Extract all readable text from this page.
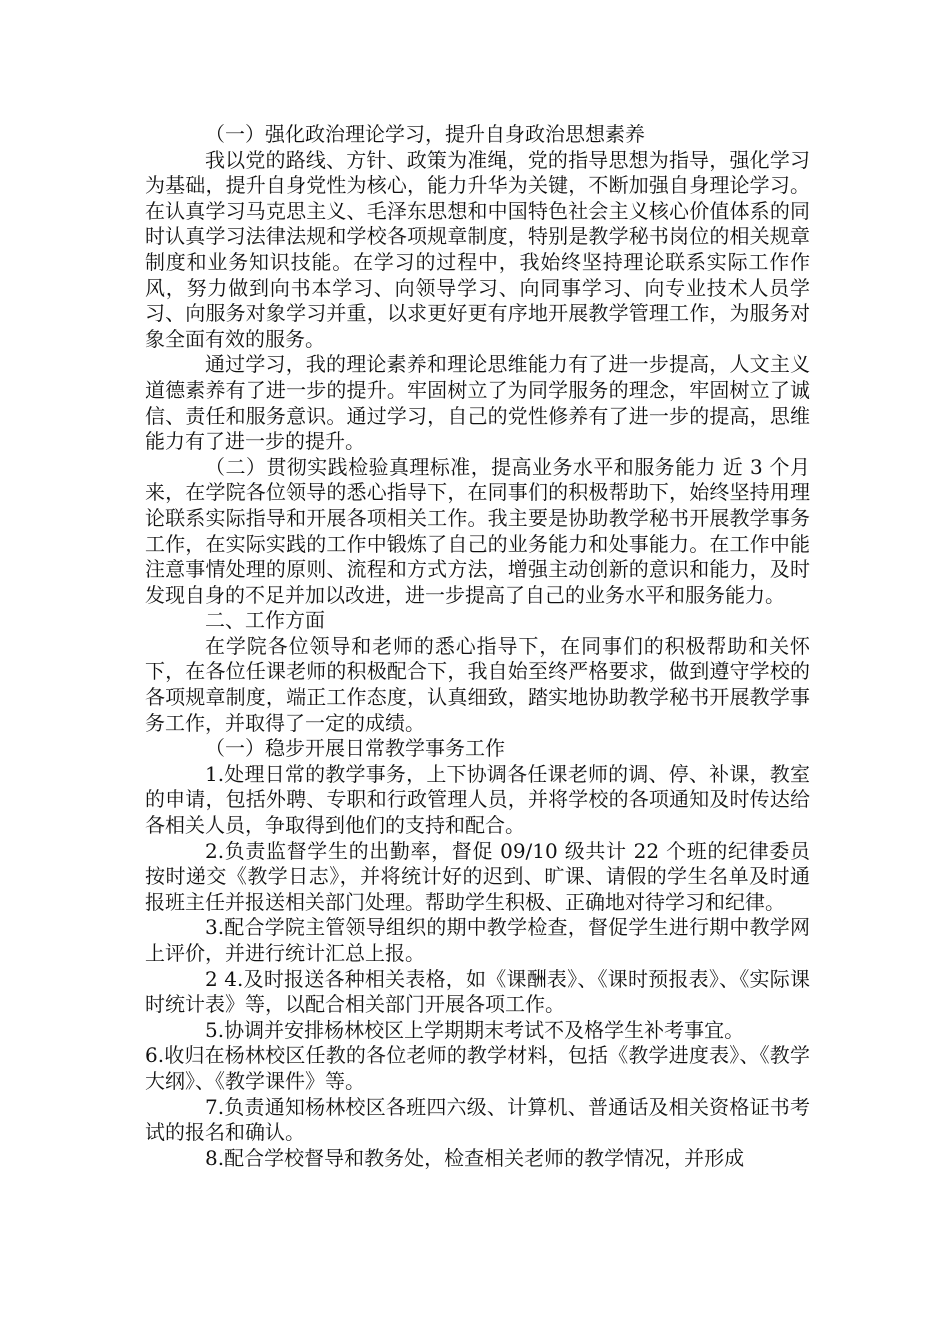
（一）强化政治理论学习，提升自身政治思想素养

我以党的路线、方针、政策为准绳，党的指导思想为指导，强化学习为基础，提升自身党性为核心，能力升华为关键，不断加强自身理论学习。在认真学习马克思主义、毛泽东思想和中国特色社会主义核心价值体系的同时认真学习法律法规和学校各项规章制度，特别是教学秘书岗位的相关规章制度和业务知识技能。在学习的过程中，我始终坚持理论联系实际工作作风，努力做到向书本学习、向领导学习、向同事学习、向专业技术人员学习、向服务对象学习并重，以求更好更有序地开展教学管理工作，为服务对象全面有效的服务。

通过学习，我的理论素养和理论思维能力有了进一步提高，人文主义道德素养有了进一步的提升。牢固树立了为同学服务的理念，牢固树立了诚信、责任和服务意识。通过学习，自己的党性修养有了进一步的提高，思维能力有了进一步的提升。

（二）贯彻实践检验真理标准，提高业务水平和服务能力 近 3 个月来，在学院各位领导的悉心指导下，在同事们的积极帮助下，始终坚持用理论联系实际指导和开展各项相关工作。我主要是协助教学秘书开展教学事务工作，在实际实践的工作中锻炼了自己的业务能力和处事能力。在工作中能注意事情处理的原则、流程和方式方法，增强主动创新的意识和能力，及时发现自身的不足并加以改进，进一步提高了自己的业务水平和服务能力。

二、工作方面

在学院各位领导和老师的悉心指导下，在同事们的积极帮助和关怀下，在各位任课老师的积极配合下，我自始至终严格要求，做到遵守学校的各项规章制度，端正工作态度，认真细致，踏实地协助教学秘书开展教学事务工作，并取得了一定的成绩。

（一）稳步开展日常教学事务工作

1.处理日常的教学事务，上下协调各任课老师的调、停、补课，教室的申请，包括外聘、专职和行政管理人员，并将学校的各项通知及时传达给各相关人员，争取得到他们的支持和配合。

2.负责监督学生的出勤率，督促 09/10 级共计 22 个班的纪律委员按时递交《教学日志》，并将统计好的迟到、旷课、请假的学生名单及时通报班主任并报送相关部门处理。帮助学生积极、正确地对待学习和纪律。

3.配合学院主管领导组织的期中教学检查，督促学生进行期中教学网上评价，并进行统计汇总上报。

2 4.及时报送各种相关表格，如《课酬表》、《课时预报表》、《实际课时统计表》等，以配合相关部门开展各项工作。

5.协调并安排杨林校区上学期期末考试不及格学生补考事宜。

6.收归在杨林校区任教的各位老师的教学材料，包括《教学进度表》、《教学大纲》、《教学课件》等。

7.负责通知杨林校区各班四六级、计算机、普通话及相关资格证书考试的报名和确认。

8.配合学校督导和教务处，检查相关老师的教学情况，并形成
